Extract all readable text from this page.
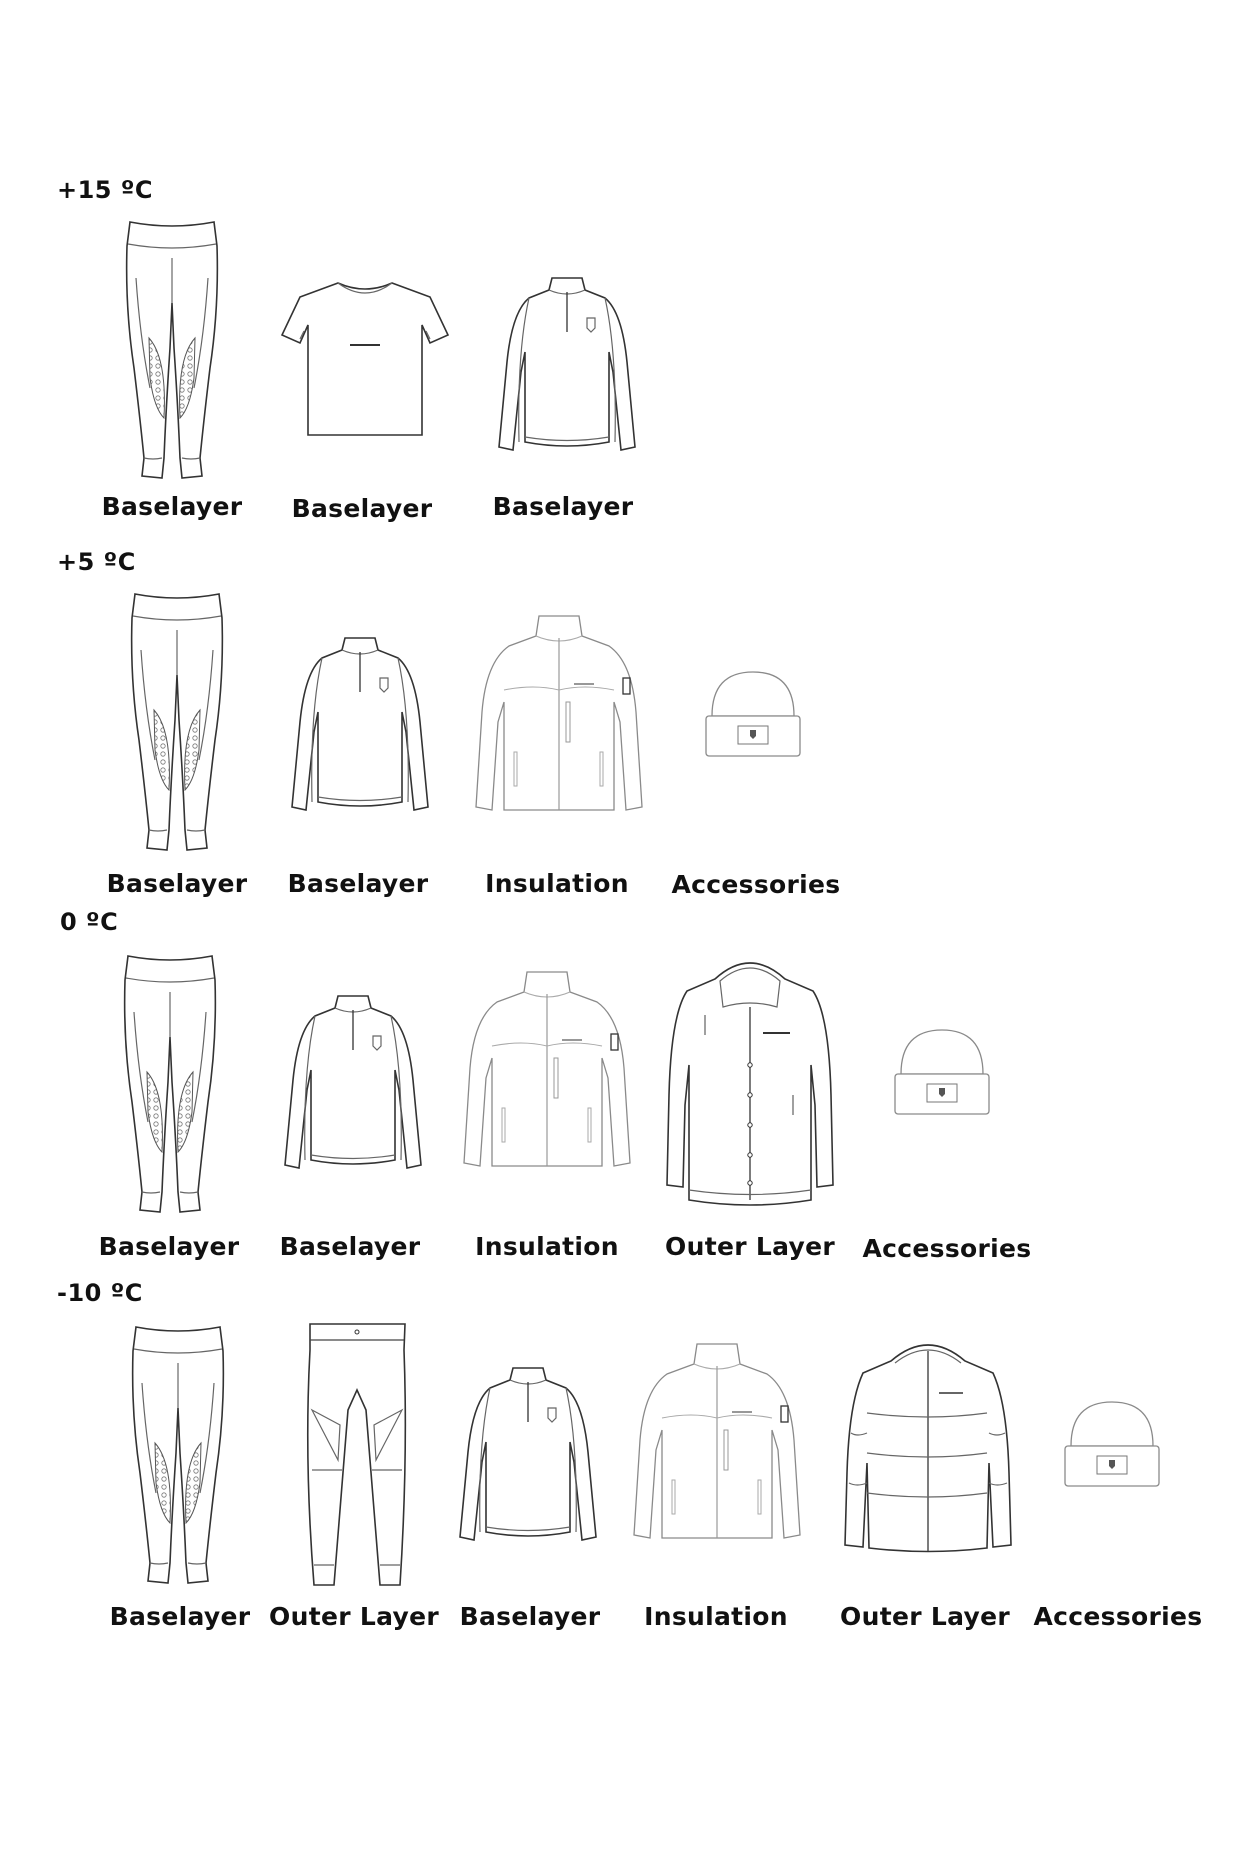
+15 ºC
Baselayer Baselayer Baselayer
+5 ºC
Baselayer Baselayer Insulation Accessories
0 ºC
Baselayer Baselayer Insulation Outer Layer Accessories
-10 ºC
Baselayer Outer Layer Baselayer Insulation Outer Layer Accessories
